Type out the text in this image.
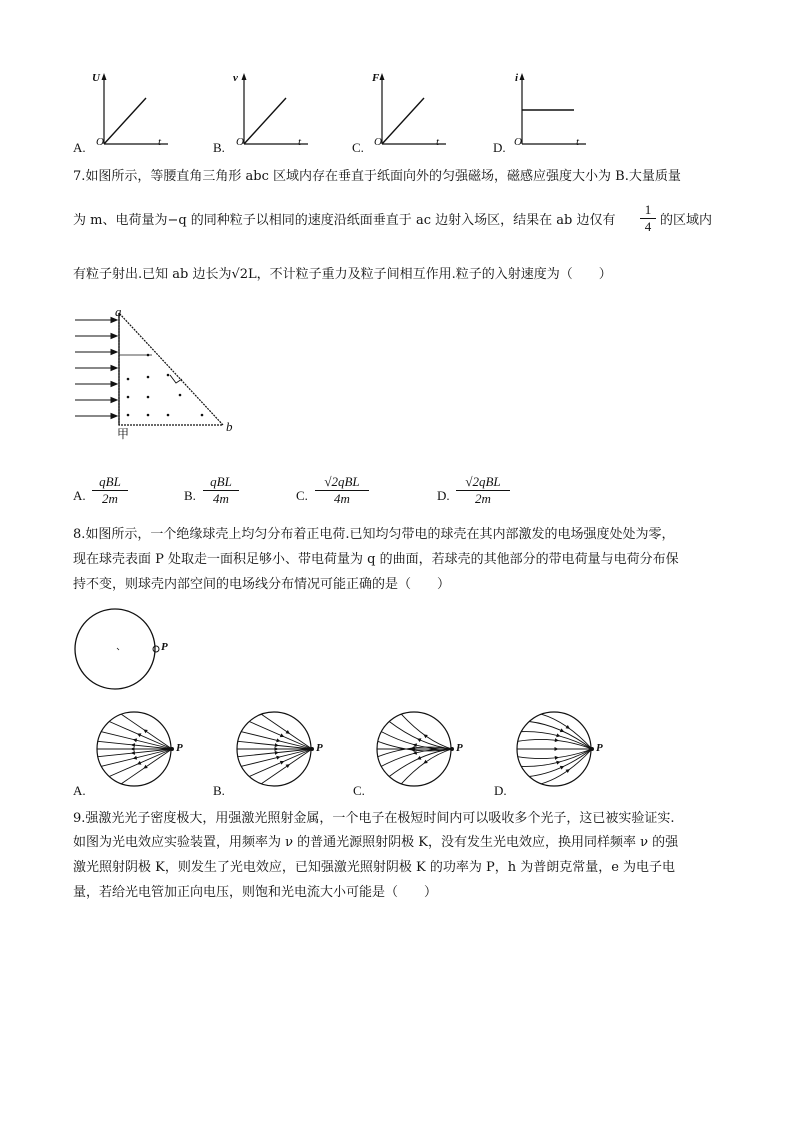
A.
U
O	t	B.
v
O	t	C.
F
O	t	D.
i
O	t
7.如图所示，等腰直角三角形 abc 区域内存在垂直于纸面向外的匀强磁场，磁感应强度大小为 B.大量质量
为 m、电荷量为−q 的同种粒子以相同的速度沿纸面垂直于 ac 边射入场区，结果在 ab 边仅有 $\frac{1}{4}$ 的区域内
有粒子射出.已知 ab 边长为√2L，不计粒子重力及粒子间相互作用.粒子的入射速度为（　　）
a
b
甲
A.
qBL
2m	B.
qBL
4m	C.
√2qBL
4m	D.
√2qBL
2m
8.如图所示，一个绝缘球壳上均匀分布着正电荷.已知均匀带电的球壳在其内部激发的电场强度处处为零，
现在球壳表面 P 处取走一面积足够小、带电荷量为 q 的曲面，若球壳的其他部分的带电荷量与电荷分布保
持不变，则球壳内部空间的电场线分布情况可能正确的是（　　）
P
A.	B.	C.	D.
P	P	P	P
9.强激光光子密度极大，用强激光照射金属，一个电子在极短时间内可以吸收多个光子，这已被实验证实.
如图为光电效应实验装置，用频率为 ν 的普通光源照射阴极 K，没有发生光电效应，换用同样频率 ν 的强
激光照射阴极 K，则发生了光电效应，已知强激光照射阴极 K 的功率为 P，h 为普朗克常量，e 为电子电
量，若给光电管加正向电压，则饱和光电流大小可能是（　　）
